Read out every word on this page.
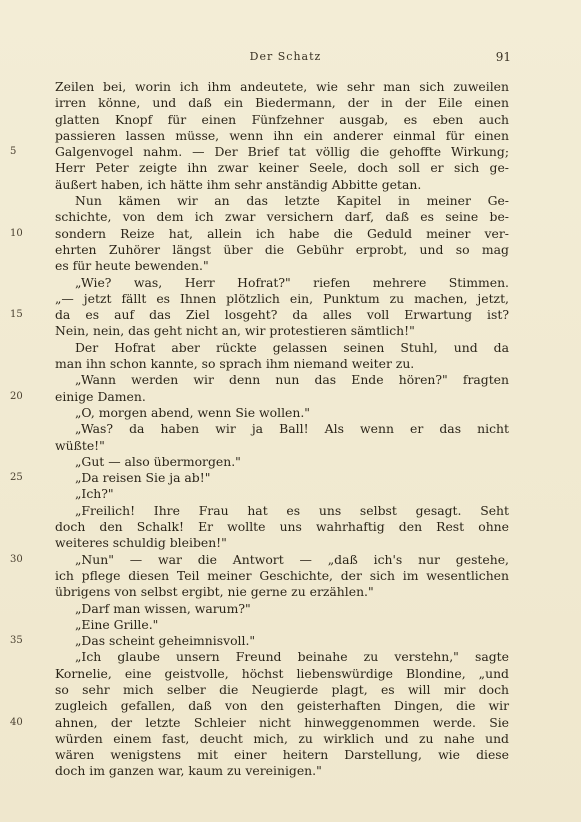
Der Schatz	91
Zeilen bei, worin ich ihm andeutete, wie sehr man sich zuweilen
irren könne, und daß ein Biedermann, der in der Eile einen
glatten Knopf für einen Fünfzehner ausgab, es eben auch
passieren lassen müsse, wenn ihn ein anderer einmal für einen
5	Galgenvogel nahm. — Der Brief tat völlig die gehoffte Wirkung;
Herr Peter zeigte ihn zwar keiner Seele, doch soll er sich ge-
äußert haben, ich hätte ihm sehr anständig Abbitte getan.
Nun kämen wir an das letzte Kapitel in meiner Ge-
schichte, von dem ich zwar versichern darf, daß es seine be-
10	sondern Reize hat, allein ich habe die Geduld meiner ver-
ehrten Zuhörer längst über die Gebühr erprobt, und so mag
es für heute bewenden."
„Wie? was, Herr Hofrat?" riefen mehrere Stimmen.
„— jetzt fällt es Ihnen plötzlich ein, Punktum zu machen, jetzt,
15	da es auf das Ziel losgeht? da alles voll Erwartung ist?
Nein, nein, das geht nicht an, wir protestieren sämtlich!"
Der Hofrat aber rückte gelassen seinen Stuhl, und da
man ihn schon kannte, so sprach ihm niemand weiter zu.
„Wann werden wir denn nun das Ende hören?" fragten
20	einige Damen.
„O, morgen abend, wenn Sie wollen."
„Was? da haben wir ja Ball! Als wenn er das nicht
wüßte!"
„Gut — also übermorgen."
25	„Da reisen Sie ja ab!"
„Ich?"
„Freilich! Ihre Frau hat es uns selbst gesagt. Seht
doch den Schalk! Er wollte uns wahrhaftig den Rest ohne
weiteres schuldig bleiben!"
30	„Nun" — war die Antwort — „daß ich's nur gestehe,
ich pflege diesen Teil meiner Geschichte, der sich im wesentlichen
übrigens von selbst ergibt, nie gerne zu erzählen."
„Darf man wissen, warum?"
„Eine Grille."
35	„Das scheint geheimnisvoll."
„Ich glaube unsern Freund beinahe zu verstehn," sagte
Kornelie, eine geistvolle, höchst liebenswürdige Blondine, „und
so sehr mich selber die Neugierde plagt, es will mir doch
zugleich gefallen, daß von den geisterhaften Dingen, die wir
40	ahnen, der letzte Schleier nicht hinweggenommen werde. Sie
würden einem fast, deucht mich, zu wirklich und zu nahe und
wären wenigstens mit einer heitern Darstellung, wie diese
doch im ganzen war, kaum zu vereinigen."
